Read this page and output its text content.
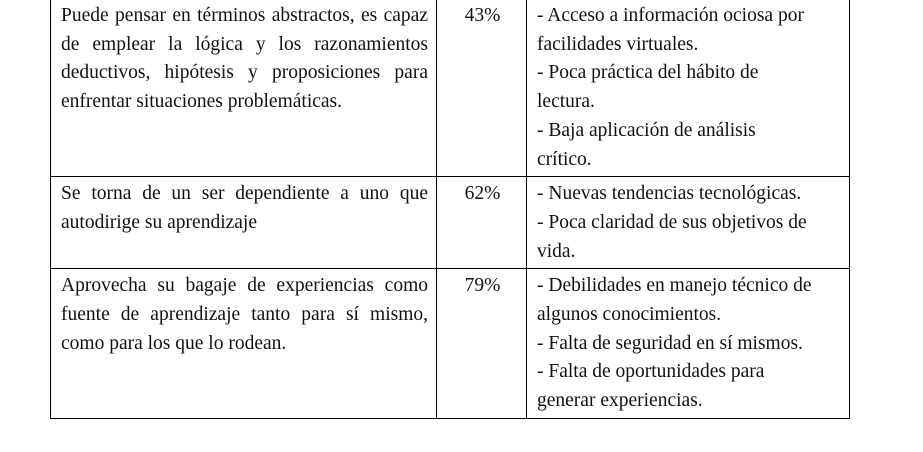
Puede pensar en términos abstractos, es capaz de emplear la lógica y los razonamientos deductivos, hipótesis y proposiciones para enfrentar situaciones problemáticas.	43%	- Acceso a información ociosa por facilidades virtuales.
- Poca práctica del hábito de lectura.
- Baja aplicación de análisis crítico.

Se torna de un ser dependiente a uno que autodirige su aprendizaje	62%	- Nuevas tendencias tecnológicas.
- Poca claridad de sus objetivos de vida.

Aprovecha su bagaje de experiencias como fuente de aprendizaje tanto para sí mismo, como para los que lo rodean.	79%	- Debilidades en manejo técnico de algunos conocimientos.
- Falta de seguridad en sí mismos.
- Falta de oportunidades para generar experiencias.
